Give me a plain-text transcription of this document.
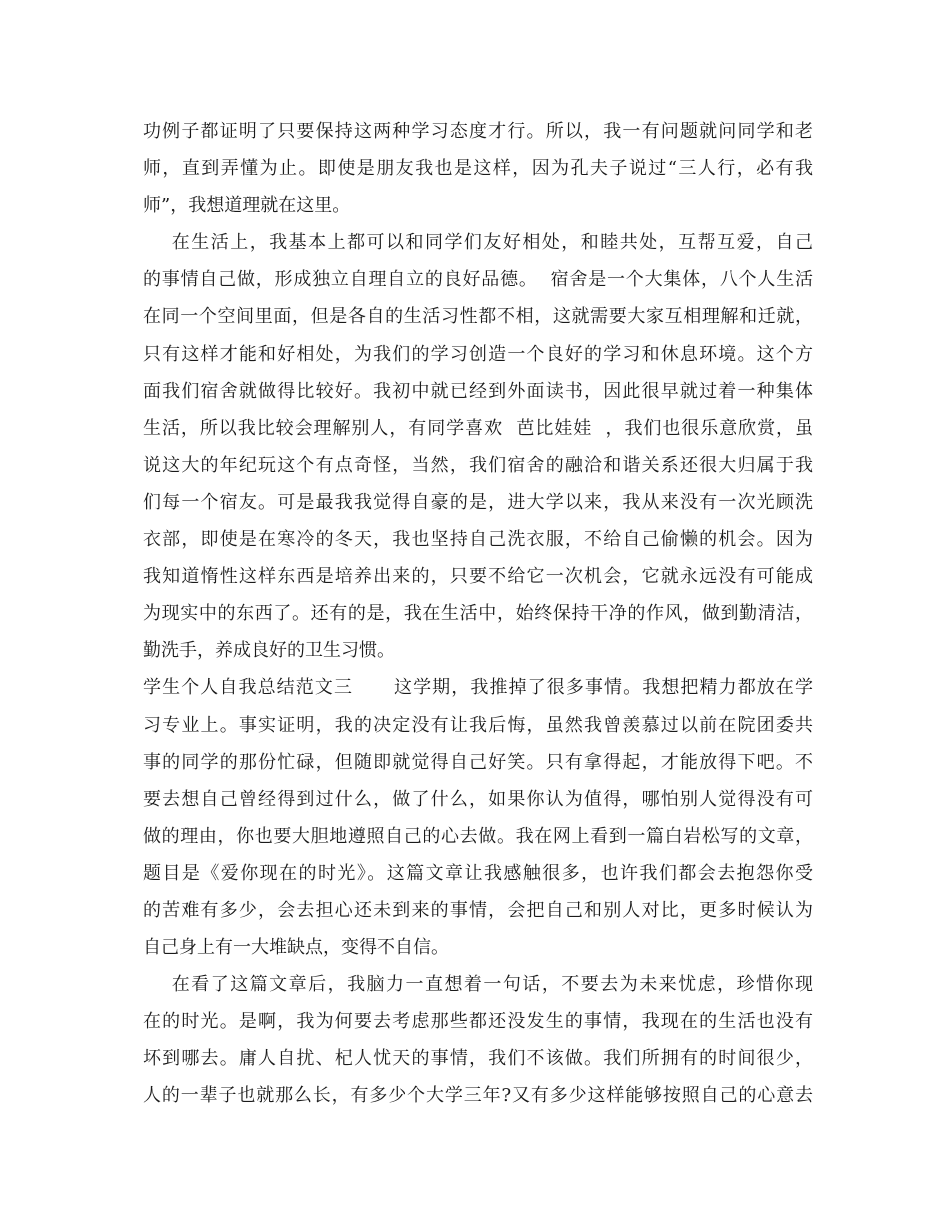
功例子都证明了只要保持这两种学习态度才行。所以，我一有问题就问同学和老
师，直到弄懂为止。即使是朋友我也是这样，因为孔夫子说过“三人行，必有我
师”，我想道理就在这里。
在生活上，我基本上都可以和同学们友好相处，和睦共处，互帮互爱，自己
的事情自己做，形成独立自理自立的良好品德。  宿舍是一个大集体，八个人生活
在同一个空间里面，但是各自的生活习性都不相，这就需要大家互相理解和迁就，
只有这样才能和好相处，为我们的学习创造一个良好的学习和休息环境。这个方
面我们宿舍就做得比较好。我初中就已经到外面读书，因此很早就过着一种集体
生活，所以我比较会理解别人，有同学喜欢  芭比娃娃  ，我们也很乐意欣赏，虽
说这大的年纪玩这个有点奇怪，当然，我们宿舍的融洽和谐关系还很大归属于我
们每一个宿友。可是最我我觉得自豪的是，进大学以来，我从来没有一次光顾洗
衣部，即使是在寒冷的冬天，我也坚持自己洗衣服，不给自己偷懒的机会。因为
我知道惰性这样东西是培养出来的，只要不给它一次机会，它就永远没有可能成
为现实中的东西了。还有的是，我在生活中，始终保持干净的作风，做到勤清洁，
勤洗手，养成良好的卫生习惯。
学生个人自我总结范文三      这学期，我推掉了很多事情。我想把精力都放在学
习专业上。事实证明，我的决定没有让我后悔，虽然我曾羡慕过以前在院团委共
事的同学的那份忙碌，但随即就觉得自己好笑。只有拿得起，才能放得下吧。不
要去想自己曾经得到过什么，做了什么，如果你认为值得，哪怕别人觉得没有可
做的理由，你也要大胆地遵照自己的心去做。我在网上看到一篇白岩松写的文章，
题目是《爱你现在的时光》。这篇文章让我感触很多，也许我们都会去抱怨你受
的苦难有多少，会去担心还未到来的事情，会把自己和别人对比，更多时候认为
自己身上有一大堆缺点，变得不自信。
在看了这篇文章后，我脑力一直想着一句话，不要去为未来忧虑，珍惜你现
在的时光。是啊，我为何要去考虑那些都还没发生的事情，我现在的生活也没有
坏到哪去。庸人自扰、杞人忧天的事情，我们不该做。我们所拥有的时间很少，
人的一辈子也就那么长，有多少个大学三年?又有多少这样能够按照自己的心意去
